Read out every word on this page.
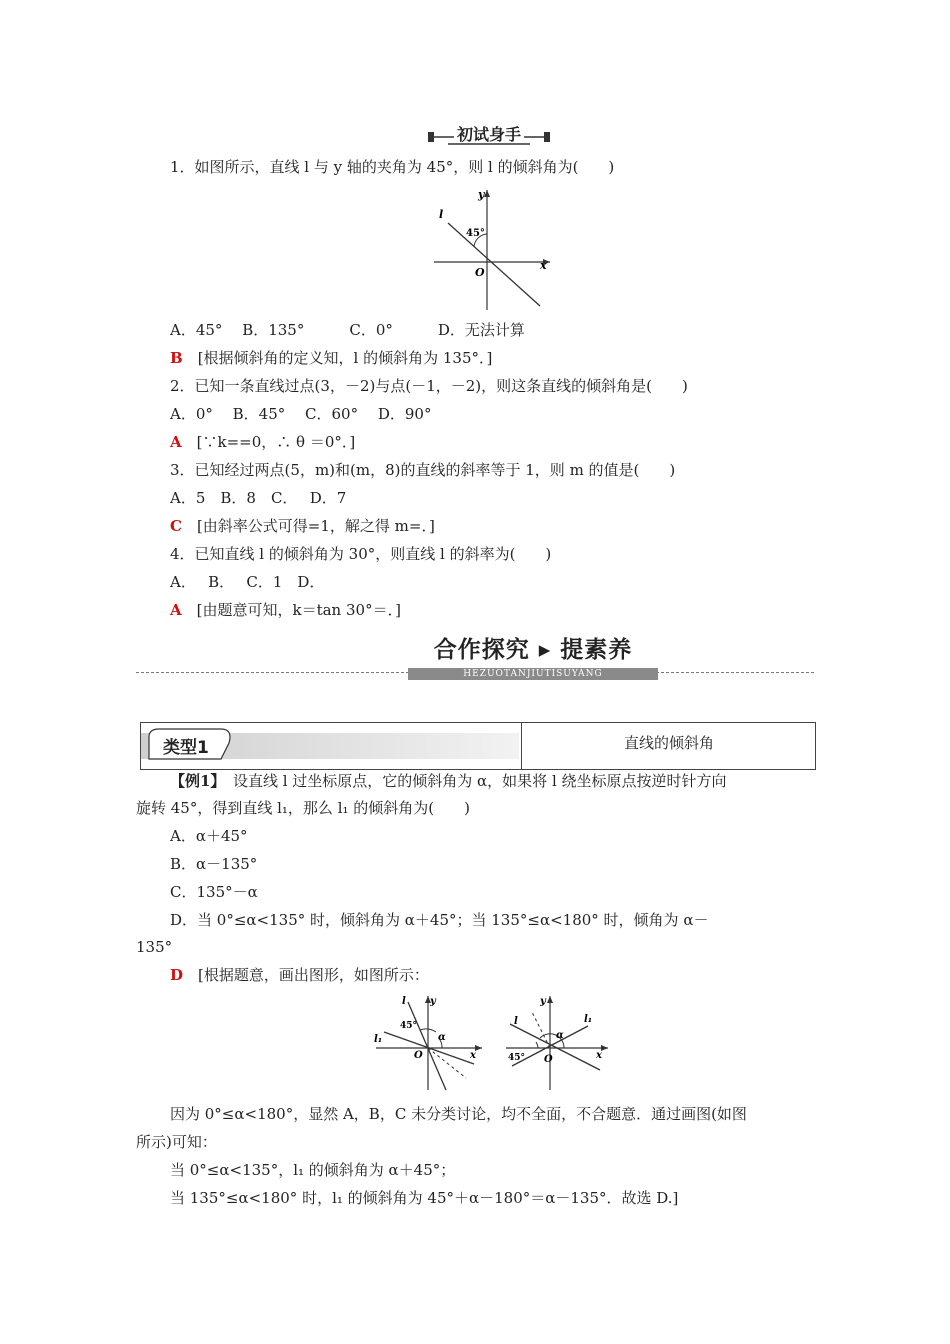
初试身手
1．如图所示，直线 l 与 y 轴的夹角为 45°，则 l 的倾斜角为(　　)
x
y
l
O
45°
A．45°　 B．135°　　　C．0°　　　D．无法计算
B　[根据倾斜角的定义知，l 的倾斜角为 135°．]
2．已知一条直线过点(3，－2)与点(－1，－2)，则这条直线的倾斜角是(　　)
A．0°　 B．45°　 C．60°　 D．90°
A　[∵k==0，∴ θ ＝0°．]
3．已知经过两点(5，m)和(m，8)的直线的斜率等于 1，则 m 的值是(　　)
A．5　B．8　C．　 D．7
C　[由斜率公式可得=1，解之得 m=．]
4．已知直线 l 的倾斜角为 30°，则直线 l 的斜率为(　　)
A．　 B．　 C．1　D．
A　[由题意可知，k＝tan 30°＝．]
合作探究 ▸ 提素养
HEZUOTANJIUTISUYANG
类型1	直线的倾斜角
【例1】　设直线 l 过坐标原点，它的倾斜角为 α，如果将 l 绕坐标原点按逆时针方向
旋转 45°，得到直线 l₁，那么 l₁ 的倾斜角为(　　)
A．α＋45°
B．α－135°
C．135°－α
D．当 0°≤α<135° 时，倾斜角为 α＋45°；当 135°≤α<180° 时，倾角为 α－
135°
D　[根据题意，画出图形，如图所示：
y
x
O
l
l₁	α
45°
y
x
O
l	l₁
α
45°
因为 0°≤α<180°，显然 A，B，C 未分类讨论，均不全面，不合题意．通过画图(如图
所示)可知：
当 0°≤α<135°，l₁ 的倾斜角为 α＋45°；
当 135°≤α<180° 时，l₁ 的倾斜角为 45°＋α－180°＝α－135°．故选 D.]
